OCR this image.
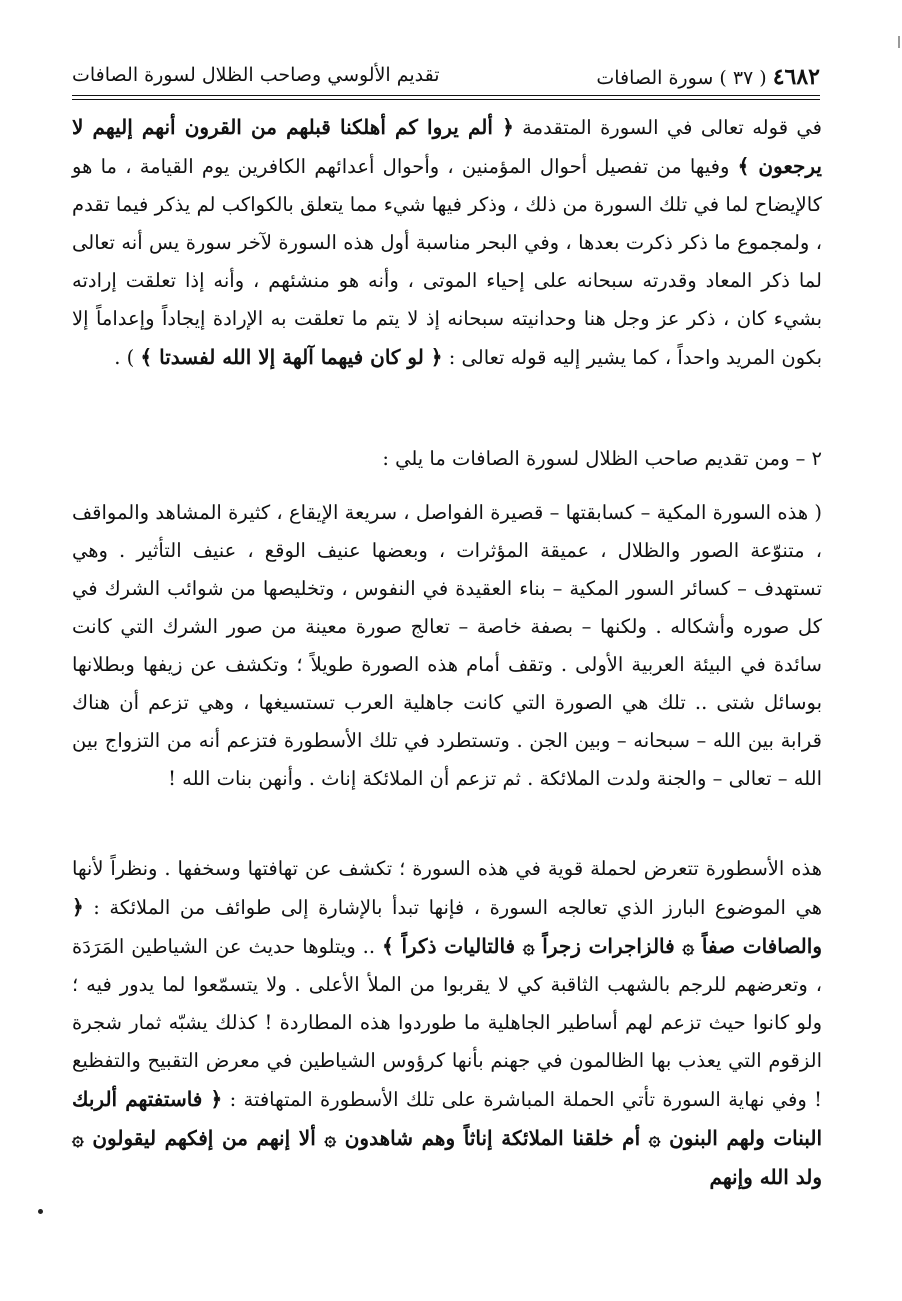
٤٦٨٢ ( ٣٧ ) سورة الصافات
تقديم الألوسي وصاحب الظلال لسورة الصافات

في قوله تعالى في السورة المتقدمة ﴿ ألم يروا كم أهلكنا قبلهم من القرون أنهم إليهم لا يرجعون ﴾ وفيها من تفصيل أحوال المؤمنين ، وأحوال أعدائهم الكافرين يوم القيامة ، ما هو كالإيضاح لما في تلك السورة من ذلك ، وذكر فيها شيء مما يتعلق بالكواكب لم يذكر فيما تقدم ، ولمجموع ما ذكر ذكرت بعدها ، وفي البحر مناسبة أول هذه السورة لآخر سورة يس أنه تعالى لما ذكر المعاد وقدرته سبحانه على إحياء الموتى ، وأنه هو منشئهم ، وأنه إذا تعلقت إرادته بشيء كان ، ذكر عز وجل هنا وحدانيته سبحانه إذ لا يتم ما تعلقت به الإرادة إيجاداً وإعداماً إلا بكون المريد واحداً ، كما يشير إليه قوله تعالى : ﴿ لو كان فيهما آلهة إلا الله لفسدتا ﴾ ) .

٢ – ومن تقديم صاحب الظلال لسورة الصافات ما يلي :

( هذه السورة المكية – كسابقتها – قصيرة الفواصل ، سريعة الإيقاع ، كثيرة المشاهد والمواقف ، متنوّعة الصور والظلال ، عميقة المؤثرات ، وبعضها عنيف الوقع ، عنيف التأثير . وهي تستهدف – كسائر السور المكية – بناء العقيدة في النفوس ، وتخليصها من شوائب الشرك في كل صوره وأشكاله . ولكنها – بصفة خاصة – تعالج صورة معينة من صور الشرك التي كانت سائدة في البيئة العربية الأولى . وتقف أمام هذه الصورة طويلاً ؛ وتكشف عن زيفها وبطلانها بوسائل شتى .. تلك هي الصورة التي كانت جاهلية العرب تستسيغها ، وهي تزعم أن هناك قرابة بين الله – سبحانه – وبين الجن . وتستطرد في تلك الأسطورة فتزعم أنه من التزواج بين الله – تعالى – والجنة ولدت الملائكة . ثم تزعم أن الملائكة إناث . وأنهن بنات الله !

هذه الأسطورة تتعرض لحملة قوية في هذه السورة ؛ تكشف عن تهافتها وسخفها . ونظراً لأنها هي الموضوع البارز الذي تعالجه السورة ، فإنها تبدأ بالإشارة إلى طوائف من الملائكة : ﴿ والصافات صفاً ۞ فالزاجرات زجراً ۞ فالتاليات ذكراً ﴾ .. ويتلوها حديث عن الشياطين المَرَدَة ، وتعرضهم للرجم بالشهب الثاقبة كي لا يقربوا من الملأ الأعلى . ولا يتسمّعوا لما يدور فيه ؛ ولو كانوا حيث تزعم لهم أساطير الجاهلية ما طوردوا هذه المطاردة ! كذلك يشبّه ثمار شجرة الزقوم التي يعذب بها الظالمون في جهنم بأنها كرؤوس الشياطين في معرض التقبيح والتفظيع ! وفي نهاية السورة تأتي الحملة المباشرة على تلك الأسطورة المتهافتة : ﴿ فاستفتهم ألربك البنات ولهم البنون ۞ أم خلقنا الملائكة إناثاً وهم شاهدون ۞ ألا إنهم من إفكهم ليقولون ۞ ولد الله وإنهم
